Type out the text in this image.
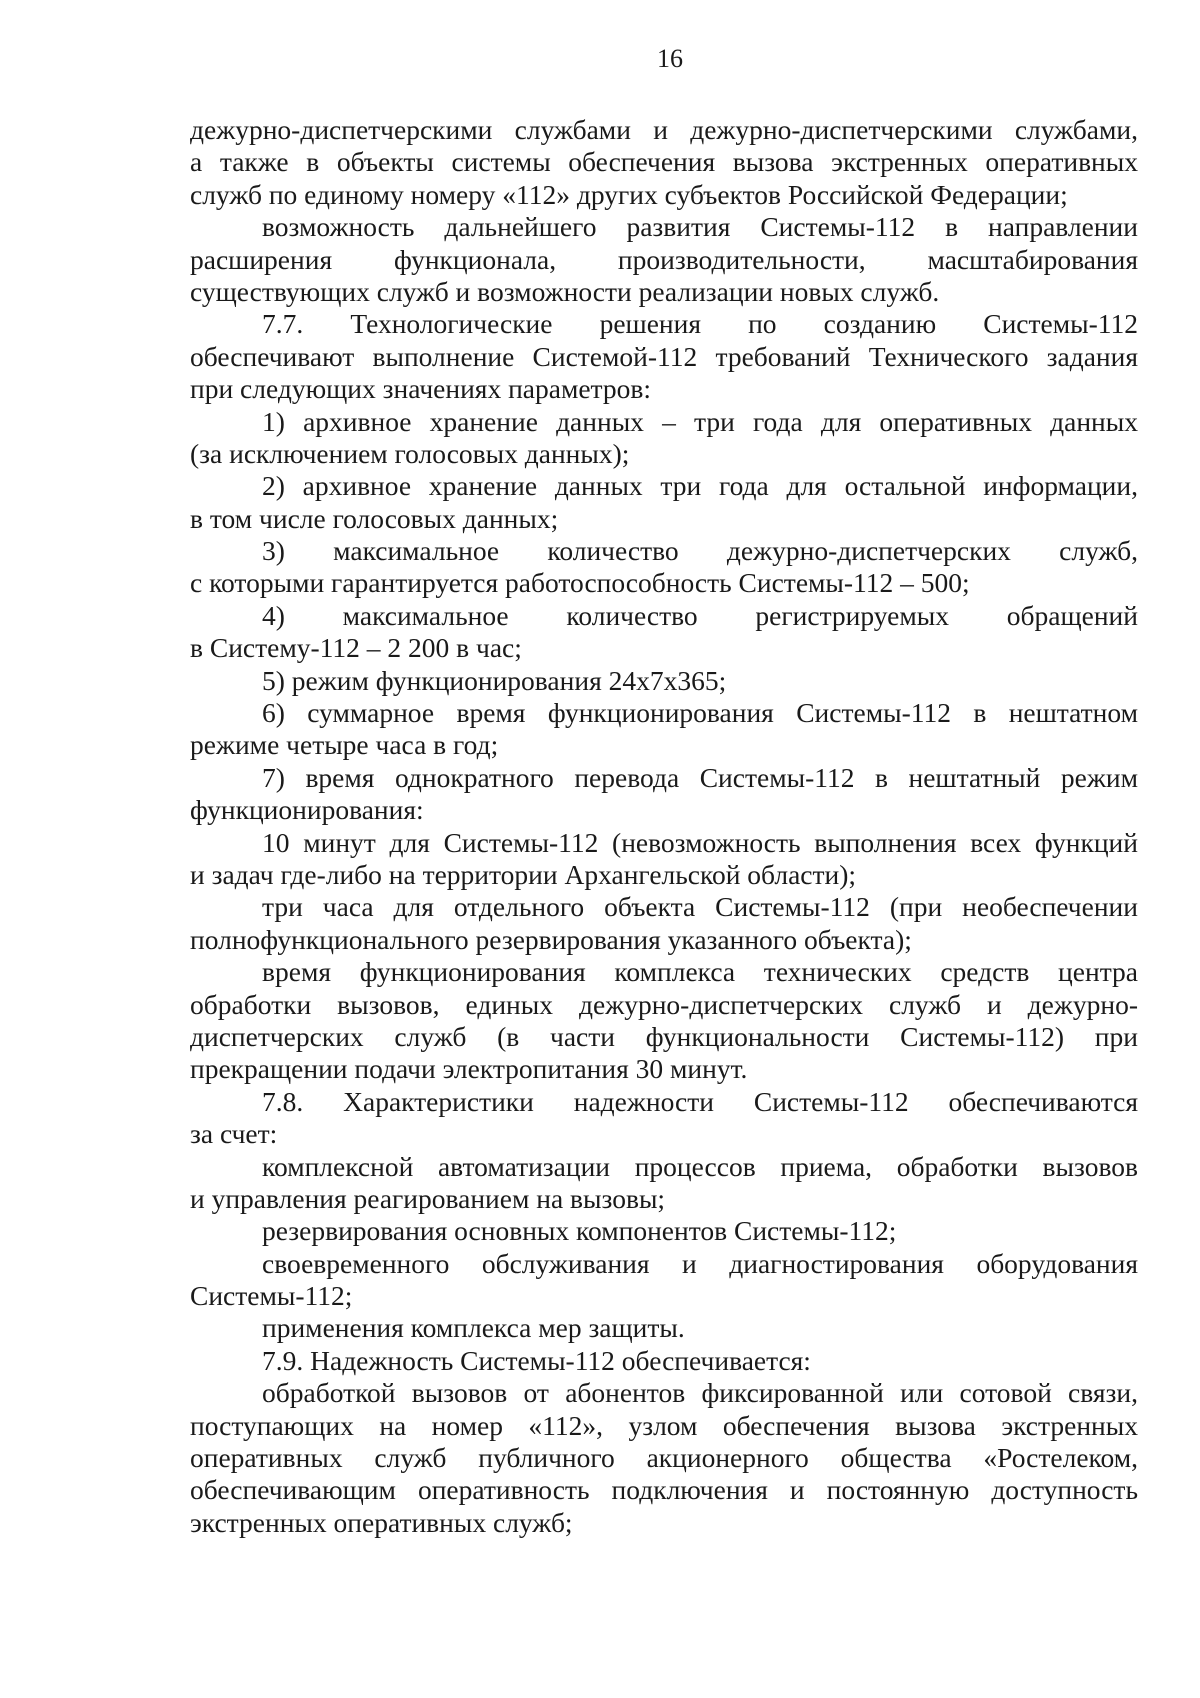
16
дежурно-диспетчерскими службами и дежурно-диспетчерскими службами,
а также в объекты системы обеспечения вызова экстренных оперативных
служб по единому номеру «112» других субъектов Российской Федерации;
возможность дальнейшего развития Системы-112 в направлении
расширения функционала, производительности, масштабирования
существующих служб и возможности реализации новых служб.
7.7. Технологические решения по созданию Системы-112
обеспечивают выполнение Системой-112 требований Технического задания
при следующих значениях параметров:
1) архивное хранение данных – три года для оперативных данных
(за исключением голосовых данных);
2) архивное хранение данных три года для остальной информации,
в том числе голосовых данных;
3) максимальное количество дежурно-диспетчерских служб,
с которыми гарантируется работоспособность Системы-112 – 500;
4) максимальное количество регистрируемых обращений
в Систему-112 – 2 200 в час;
5) режим функционирования 24x7x365;
6) суммарное время функционирования Системы-112 в нештатном
режиме четыре часа в год;
7) время однократного перевода Системы-112 в нештатный режим
функционирования:
10 минут для Системы-112 (невозможность выполнения всех функций
и задач где-либо на территории Архангельской области);
три часа для отдельного объекта Системы-112 (при необеспечении
полнофункционального резервирования указанного объекта);
время функционирования комплекса технических средств центра
обработки вызовов, единых дежурно-диспетчерских служб и дежурно-
диспетчерских служб (в части функциональности Системы-112) при
прекращении подачи электропитания 30 минут.
7.8. Характеристики надежности Системы-112 обеспечиваются
за счет:
комплексной автоматизации процессов приема, обработки вызовов
и управления реагированием на вызовы;
резервирования основных компонентов Системы-112;
своевременного обслуживания и диагностирования оборудования
Системы-112;
применения комплекса мер защиты.
7.9. Надежность Системы-112 обеспечивается:
обработкой вызовов от абонентов фиксированной или сотовой связи,
поступающих на номер «112», узлом обеспечения вызова экстренных
оперативных служб публичного акционерного общества «Ростелеком,
обеспечивающим оперативность подключения и постоянную доступность
экстренных оперативных служб;
